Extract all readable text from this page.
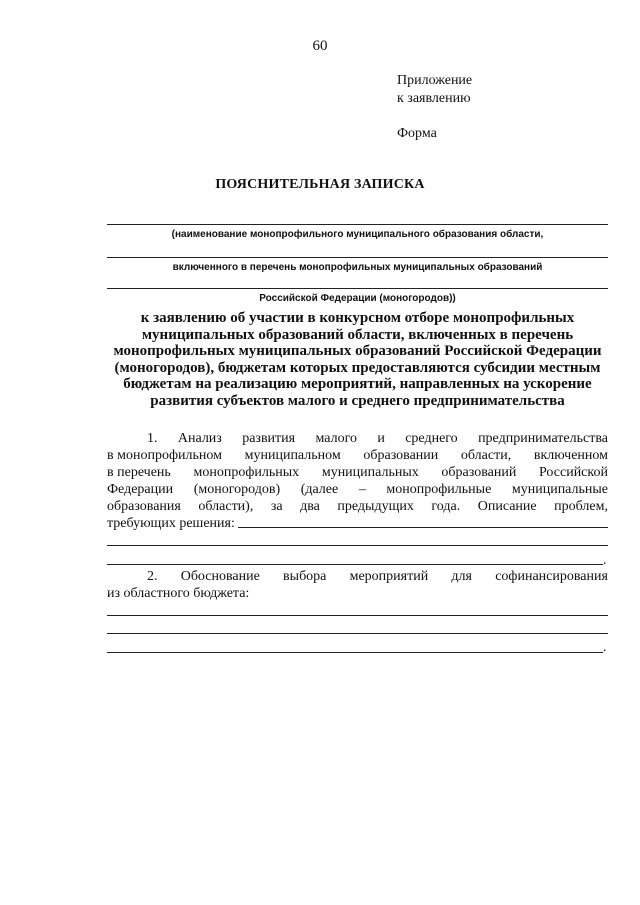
60
Приложение
к заявлению
Форма
ПОЯСНИТЕЛЬНАЯ ЗАПИСКА
(наименование монопрофильного муниципального образования области,
включенного в перечень монопрофильных муниципальных образований
Российской Федерации (моногородов))
к заявлению об участии в конкурсном отборе монопрофильных
муниципальных образований области, включенных в перечень
монопрофильных муниципальных образований Российской Федерации
(моногородов), бюджетам которых предоставляются субсидии местным
бюджетам на реализацию мероприятий, направленных на ускорение
развития субъектов малого и среднего предпринимательства
1. Анализ развития малого и среднего предпринимательства
в монопрофильном муниципальном образовании области, включенном
в перечень монопрофильных муниципальных образований Российской
Федерации (моногородов) (далее – монопрофильные муниципальные
образования области), за два предыдущих года. Описание проблем,
требующих решения:
.
2. Обоснование выбора мероприятий для софинансирования
из областного бюджета:
.
